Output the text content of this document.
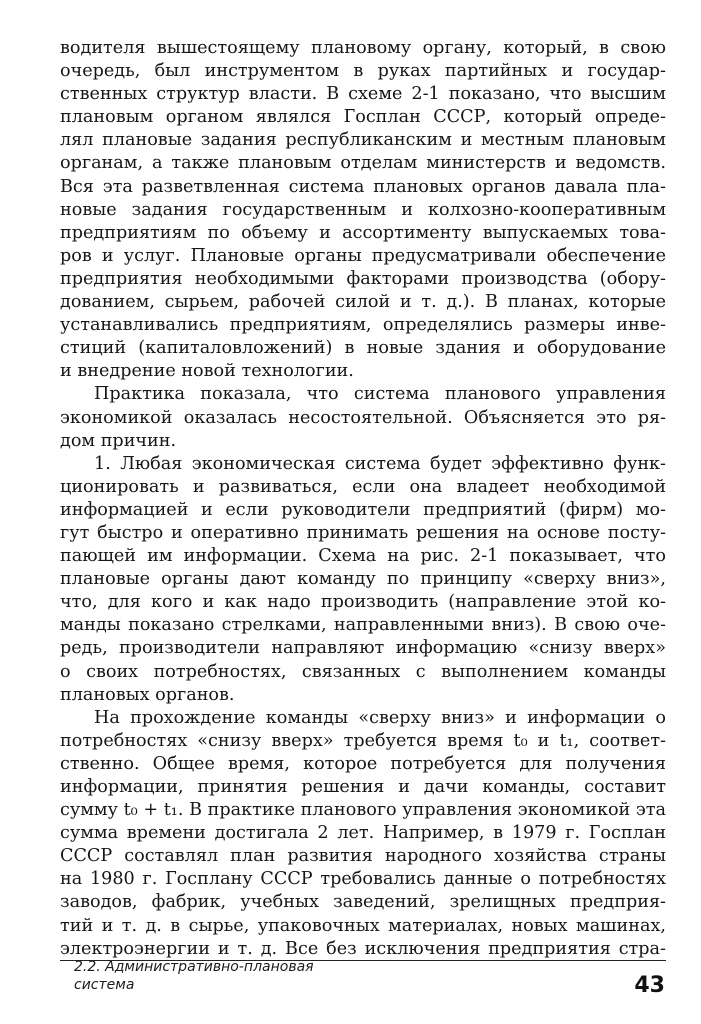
водителя вышестоящему плановому органу, который, в свою
очередь, был инструментом в руках партийных и государ-
ственных структур власти. В схеме 2-1 показано, что высшим
плановым органом являлся Госплан СССР, который опреде-
лял плановые задания республиканским и местным плановым
органам, а также плановым отделам министерств и ведомств.
Вся эта разветвленная система плановых органов давала пла-
новые задания государственным и колхозно-кооперативным
предприятиям по объему и ассортименту выпускаемых това-
ров и услуг. Плановые органы предусматривали обеспечение
предприятия необходимыми факторами производства (обору-
дованием, сырьем, рабочей силой и т. д.). В планах, которые
устанавливались предприятиям, определялись размеры инве-
стиций (капиталовложений) в новые здания и оборудование
и внедрение новой технологии.
Практика показала, что система планового управления
экономикой оказалась несостоятельной. Объясняется это ря-
дом причин.
1. Любая экономическая система будет эффективно функ-
ционировать и развиваться, если она владеет необходимой
информацией и если руководители предприятий (фирм) мо-
гут быстро и оперативно принимать решения на основе посту-
пающей им информации. Схема на рис. 2-1 показывает, что
плановые органы дают команду по принципу «сверху вниз»,
что, для кого и как надо производить (направление этой ко-
манды показано стрелками, направленными вниз). В свою оче-
редь, производители направляют информацию «снизу вверх»
о своих потребностях, связанных с выполнением команды
плановых органов.
На прохождение команды «сверху вниз» и информации о
потребностях «снизу вверх» требуется время t₀ и t₁, соответ-
ственно. Общее время, которое потребуется для получения
информации, принятия решения и дачи команды, составит
сумму t₀ + t₁. В практике планового управления экономикой эта
сумма времени достигала 2 лет. Например, в 1979 г. Госплан
СССР составлял план развития народного хозяйства страны
на 1980 г. Госплану СССР требовались данные о потребностях
заводов, фабрик, учебных заведений, зрелищных предприя-
тий и т. д. в сырье, упаковочных материалах, новых машинах,
электроэнергии и т. д. Все без исключения предприятия стра-
2.2. Административно-плановая
система	43
